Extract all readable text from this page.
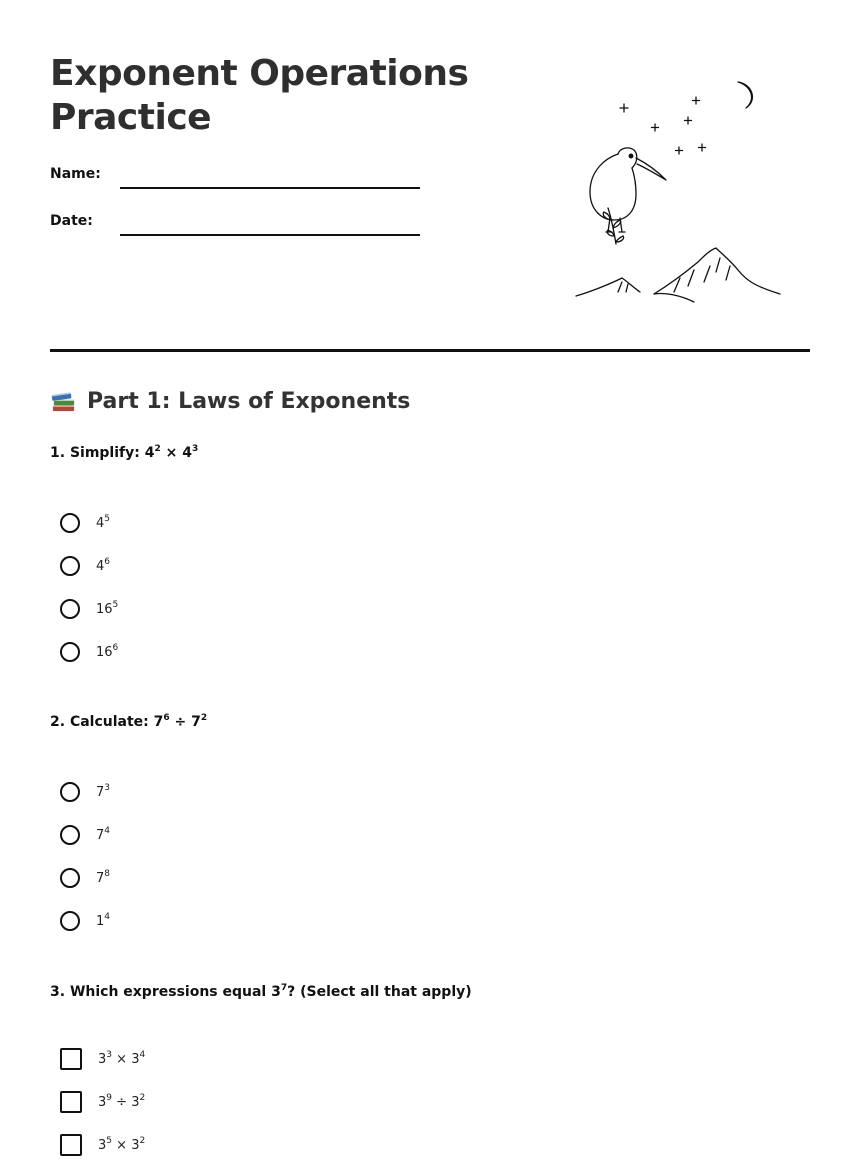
Exponent Operations Practice
Name:
Date:
Part 1: Laws of Exponents

1. Simplify: $4^2 \times 4^3$

$4^5$
$4^6$
$16^5$
$16^6$

2. Calculate: $7^6 \div 7^2$

$7^3$
$7^4$
$7^8$
$1^4$

3. Which expressions equal $3^7$? (Select all that apply)

$3^3 \times 3^4$
$3^9 \div 3^2$
$3^5 \times 3^2$
